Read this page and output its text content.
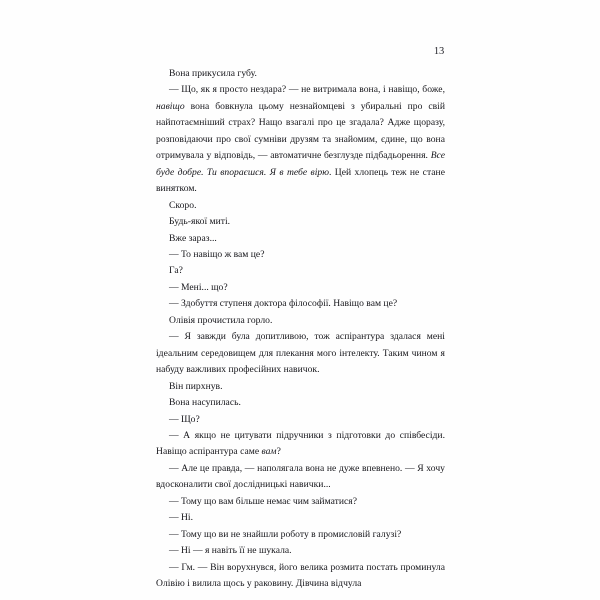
13

Вона прикусила губу.

— Що, як я просто нездара? — не витримала вона, і навіщо, боже, навіщо вона бовкнула цьому незнайомцеві з убиральні про свій найпотаємніший страх? Нащо взагалі про це згадала? Адже щоразу, розповідаючи про свої сумніви друзям та знайомим, єдине, що вона отримувала у відповідь, — автоматичне безглузде підбадьорення. Все буде добре. Ти впораєшся. Я в тебе вірю. Цей хлопець теж не стане винятком.

Скоро.

Будь-якої миті.

Вже зараз...

— То навіщо ж вам це?

Га?

— Мені... що?

— Здобуття ступеня доктора філософії. Навіщо вам це?

Олівія прочистила горло.

— Я завжди була допитливою, тож аспірантура здалася мені ідеальним середовищем для плекання мого інтелекту. Таким чином я набуду важливих професійних навичок.

Він пирхнув.

Вона насупилась.

— Що?

— А якщо не цитувати підручники з підготовки до співбесіди. Навіщо аспірантура саме вам?

— Але це правда, — наполягала вона не дуже впевнено. — Я хочу вдосконалити свої дослідницькі навички...

— Тому що вам більше немає чим займатися?

— Ні.

— Тому що ви не знайшли роботу в промисловій галузі?

— Ні — я навіть її не шукала.

— Гм. — Він ворухнувся, його велика розмита постать проминула Олівію і вилила щось у раковину. Дівчина відчула
